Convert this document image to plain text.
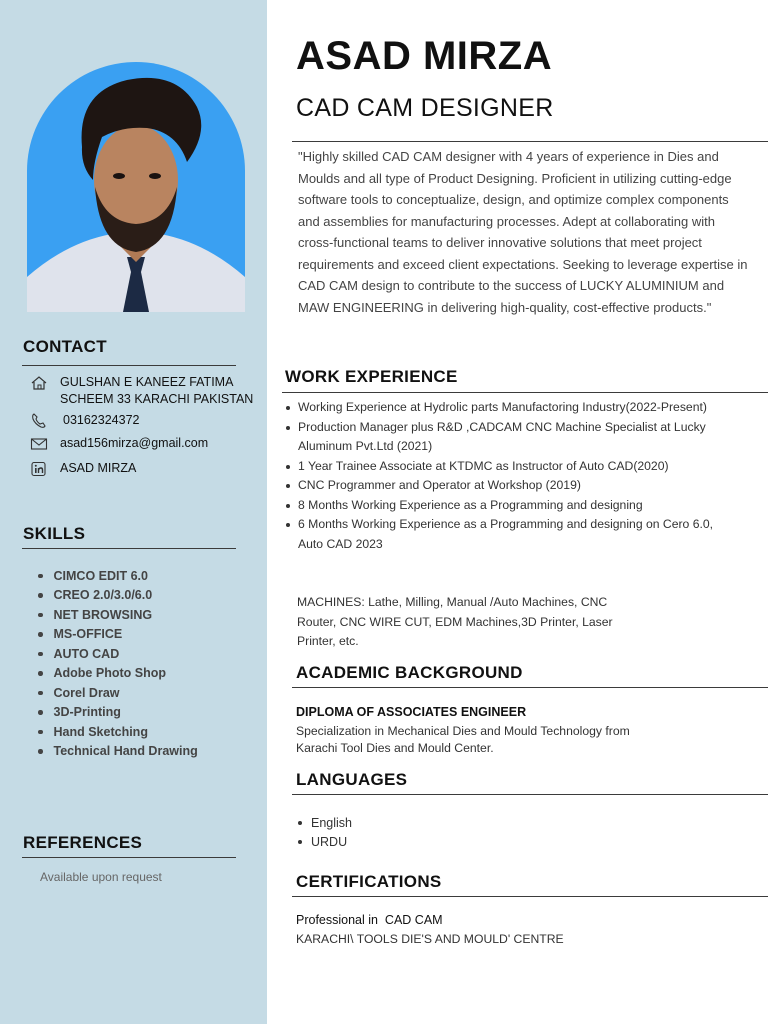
CONTACT
GULSHAN E KANEEZ FATIMA
SCHEEM 33 KARACHI PAKISTAN
03162324372
asad156mirza@gmail.com
ASAD MIRZA
SKILLS
CIMCO EDIT 6.0
CREO 2.0/3.0/6.0
NET BROWSING
MS-OFFICE
AUTO CAD
Adobe Photo Shop
Corel Draw
3D-Printing
Hand Sketching
Technical Hand Drawing
REFERENCES
Available upon request
ASAD MIRZA
CAD CAM DESIGNER
"Highly skilled CAD CAM designer with 4 years of experience in Dies and Moulds and all type of Product Designing. Proficient in utilizing cutting-edge software tools to conceptualize, design, and optimize complex components and assemblies for manufacturing processes. Adept at collaborating with cross-functional teams to deliver innovative solutions that meet project requirements and exceed client expectations. Seeking to leverage expertise in CAD CAM design to contribute to the success of LUCKY ALUMINIUM and MAW ENGINEERING in delivering high-quality, cost-effective products."
WORK EXPERIENCE
Working Experience at Hydrolic parts Manufactoring Industry(2022-Present)
Production Manager plus R&D ,CADCAM CNC Machine Specialist at Lucky Aluminum Pvt.Ltd (2021)
1 Year Trainee Associate at KTDMC as Instructor of Auto CAD(2020)
CNC Programmer and Operator at Workshop (2019)
8 Months Working Experience as a Programming and designing
6 Months Working Experience as a Programming and designing on Cero 6.0, Auto CAD 2023
MACHINES: Lathe, Milling, Manual /Auto Machines, CNC Router, CNC WIRE CUT, EDM Machines,3D Printer, Laser Printer, etc.
ACADEMIC BACKGROUND
DIPLOMA OF ASSOCIATES ENGINEER
Specialization in Mechanical Dies and Mould Technology from Karachi Tool Dies and Mould Center.
LANGUAGES
English
URDU
CERTIFICATIONS
Professional in  CAD CAM
KARACHI\ TOOLS DIE'S AND MOULD' CENTRE
